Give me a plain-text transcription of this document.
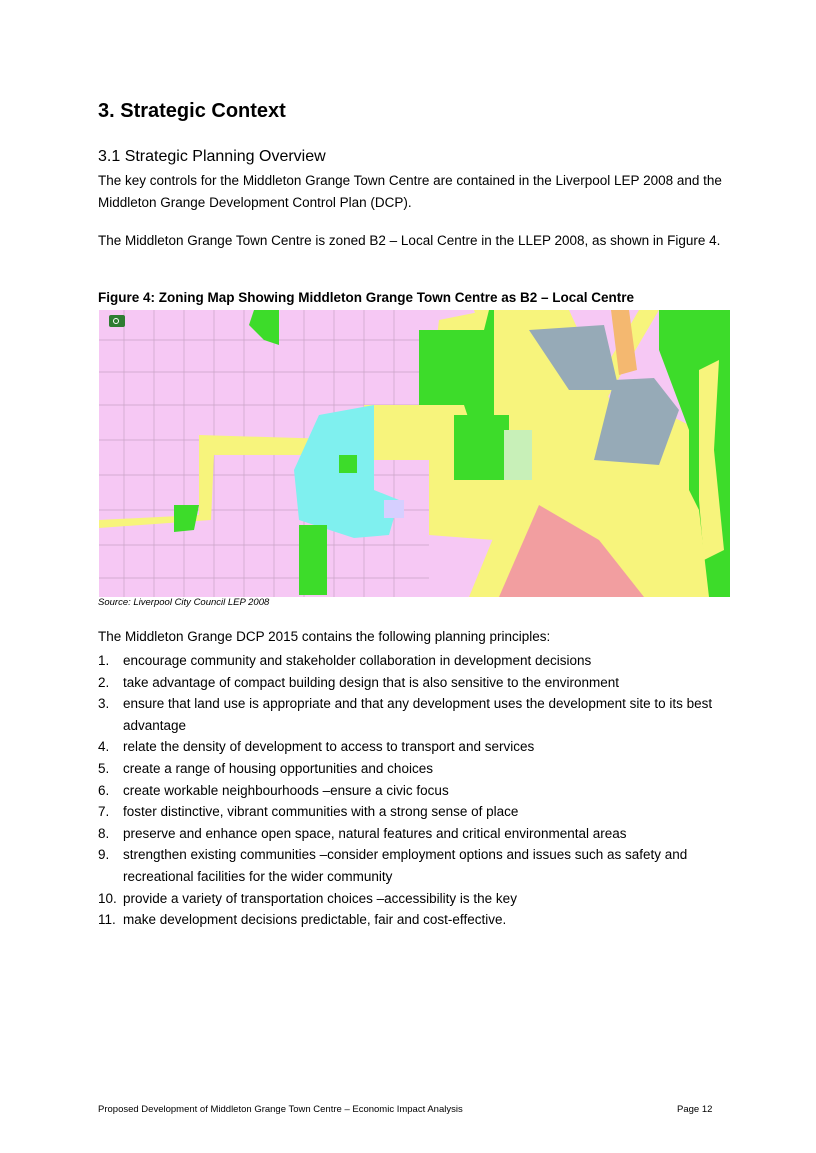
3. Strategic Context
3.1 Strategic Planning Overview
The key controls for the Middleton Grange Town Centre are contained in the Liverpool LEP 2008 and the Middleton Grange Development Control Plan (DCP).
The Middleton Grange Town Centre is zoned B2 – Local Centre in the LLEP 2008, as shown in Figure 4.
Figure 4: Zoning Map Showing Middleton Grange Town Centre as B2 – Local Centre
Source: Liverpool City Council LEP 2008
The Middleton Grange DCP 2015 contains the following planning principles:
1.	encourage community and stakeholder collaboration in development decisions
2.	take advantage of compact building design that is also sensitive to the environment
3.	ensure that land use is appropriate and that any development uses the development site to its best advantage
4.	relate the density of development to access to transport and services
5.	create a range of housing opportunities and choices
6.	create workable neighbourhoods –ensure a civic focus
7.	foster distinctive, vibrant communities with a strong sense of place
8.	preserve and enhance open space, natural features and critical environmental areas
9.	strengthen existing communities –consider employment options and issues such as safety and recreational facilities for the wider community
10. provide a variety of transportation choices –accessibility is the key
11. make development decisions predictable, fair and cost-effective.
Proposed Development of Middleton Grange Town Centre – Economic Impact Analysis	Page 12
